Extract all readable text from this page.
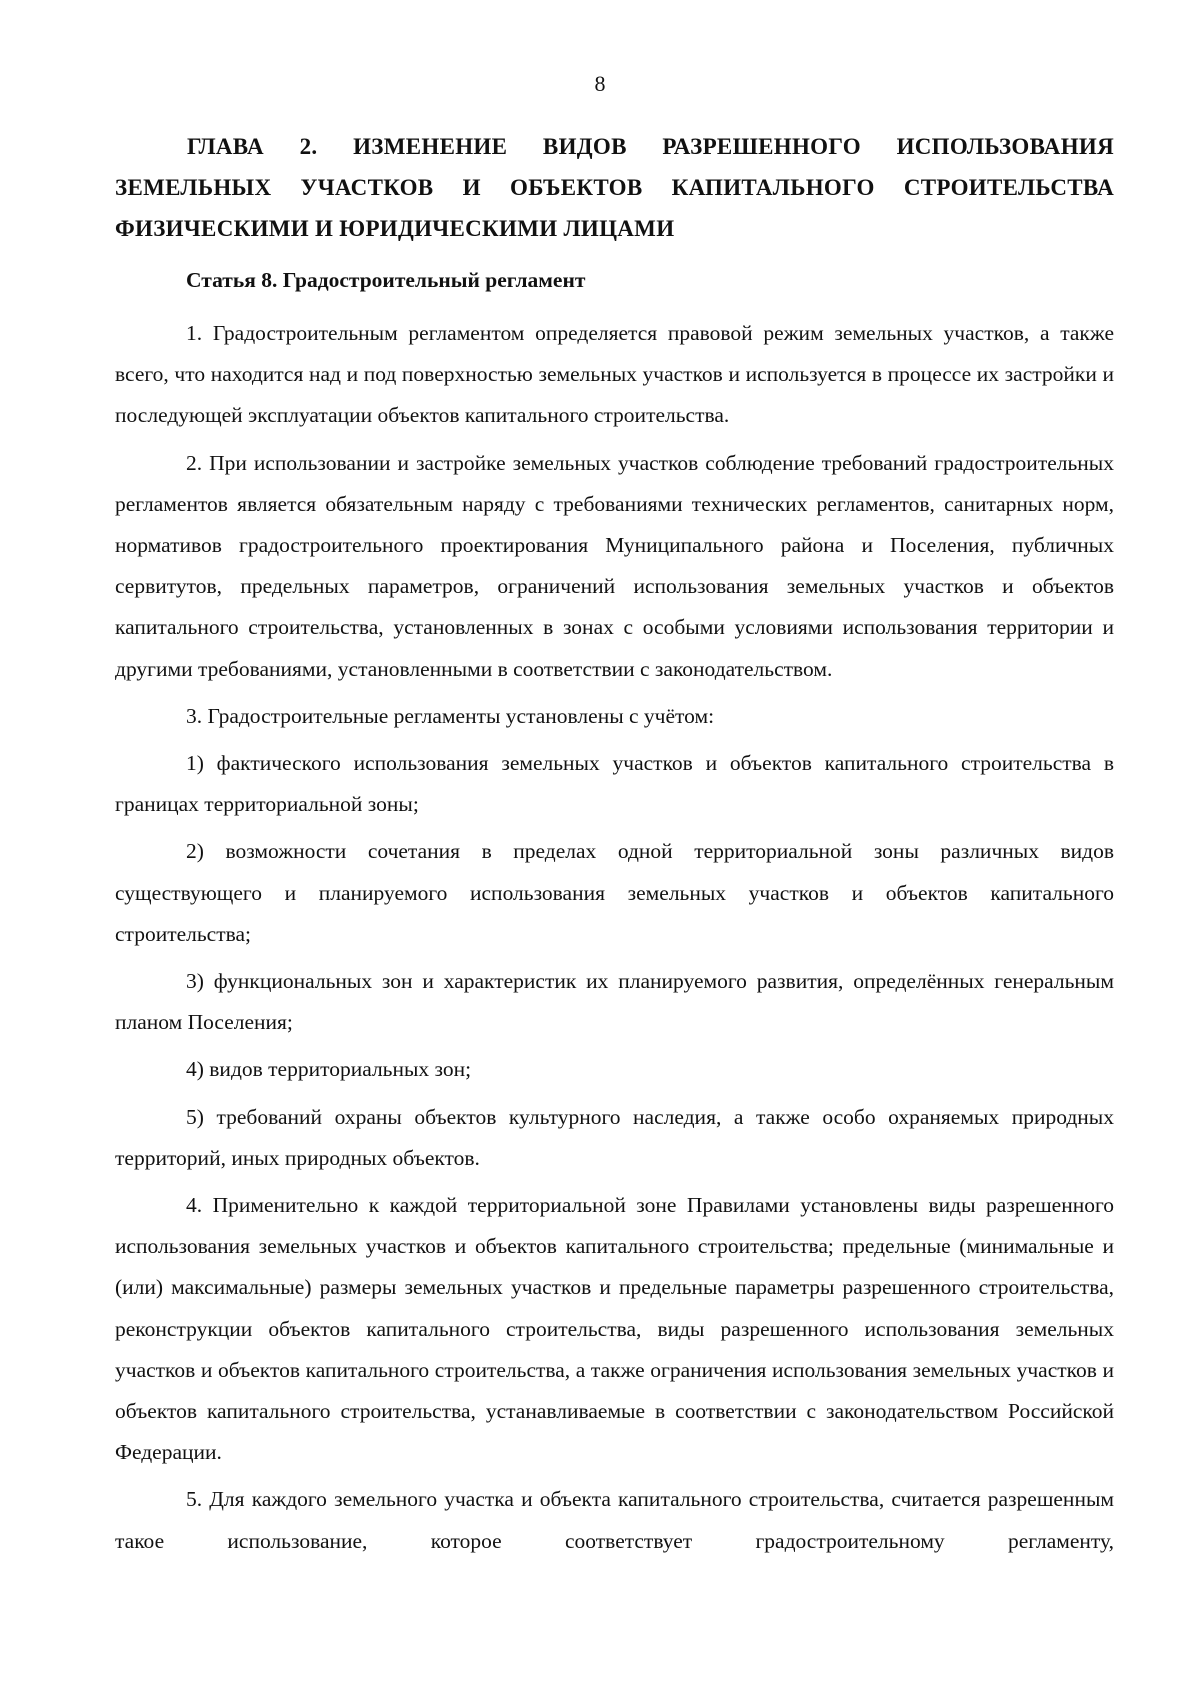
8
ГЛАВА 2. ИЗМЕНЕНИЕ ВИДОВ РАЗРЕШЕННОГО ИСПОЛЬЗОВАНИЯ ЗЕМЕЛЬНЫХ УЧАСТКОВ И ОБЪЕКТОВ КАПИТАЛЬНОГО СТРОИТЕЛЬСТВА ФИЗИЧЕСКИМИ И ЮРИДИЧЕСКИМИ ЛИЦАМИ
Статья 8. Градостроительный регламент

1. Градостроительным регламентом определяется правовой режим земельных участков, а также всего, что находится над и под поверхностью земельных участков и используется в процессе их застройки и последующей эксплуатации объектов капитального строительства.

2. При использовании и застройке земельных участков соблюдение требований градостроительных регламентов является обязательным наряду с требованиями технических регламентов, санитарных норм, нормативов градостроительного проектирования Муниципального района и Поселения, публичных сервитутов, предельных параметров, ограничений использования земельных участков и объектов капитального строительства, установленных в зонах с особыми условиями использования территории и другими требованиями, установленными в соответствии с законодательством.

3. Градостроительные регламенты установлены с учётом:

1) фактического использования земельных участков и объектов капитального строительства в границах территориальной зоны;

2) возможности сочетания в пределах одной территориальной зоны различных видов существующего и планируемого использования земельных участков и объектов капитального строительства;

3) функциональных зон и характеристик их планируемого развития, определённых генеральным планом Поселения;

4) видов территориальных зон;

5) требований охраны объектов культурного наследия, а также особо охраняемых природных территорий, иных природных объектов.

4. Применительно к каждой территориальной зоне Правилами установлены виды разрешенного использования земельных участков и объектов капитального строительства; предельные (минимальные и (или) максимальные) размеры земельных участков и предельные параметры разрешенного строительства, реконструкции объектов капитального строительства, виды разрешенного использования земельных участков и объектов капитального строительства, а также ограничения использования земельных участков и объектов капитального строительства, устанавливаемые в соответствии с законодательством Российской Федерации.

5. Для каждого земельного участка и объекта капитального строительства, считается разрешенным такое использование, которое соответствует градостроительному регламенту,
